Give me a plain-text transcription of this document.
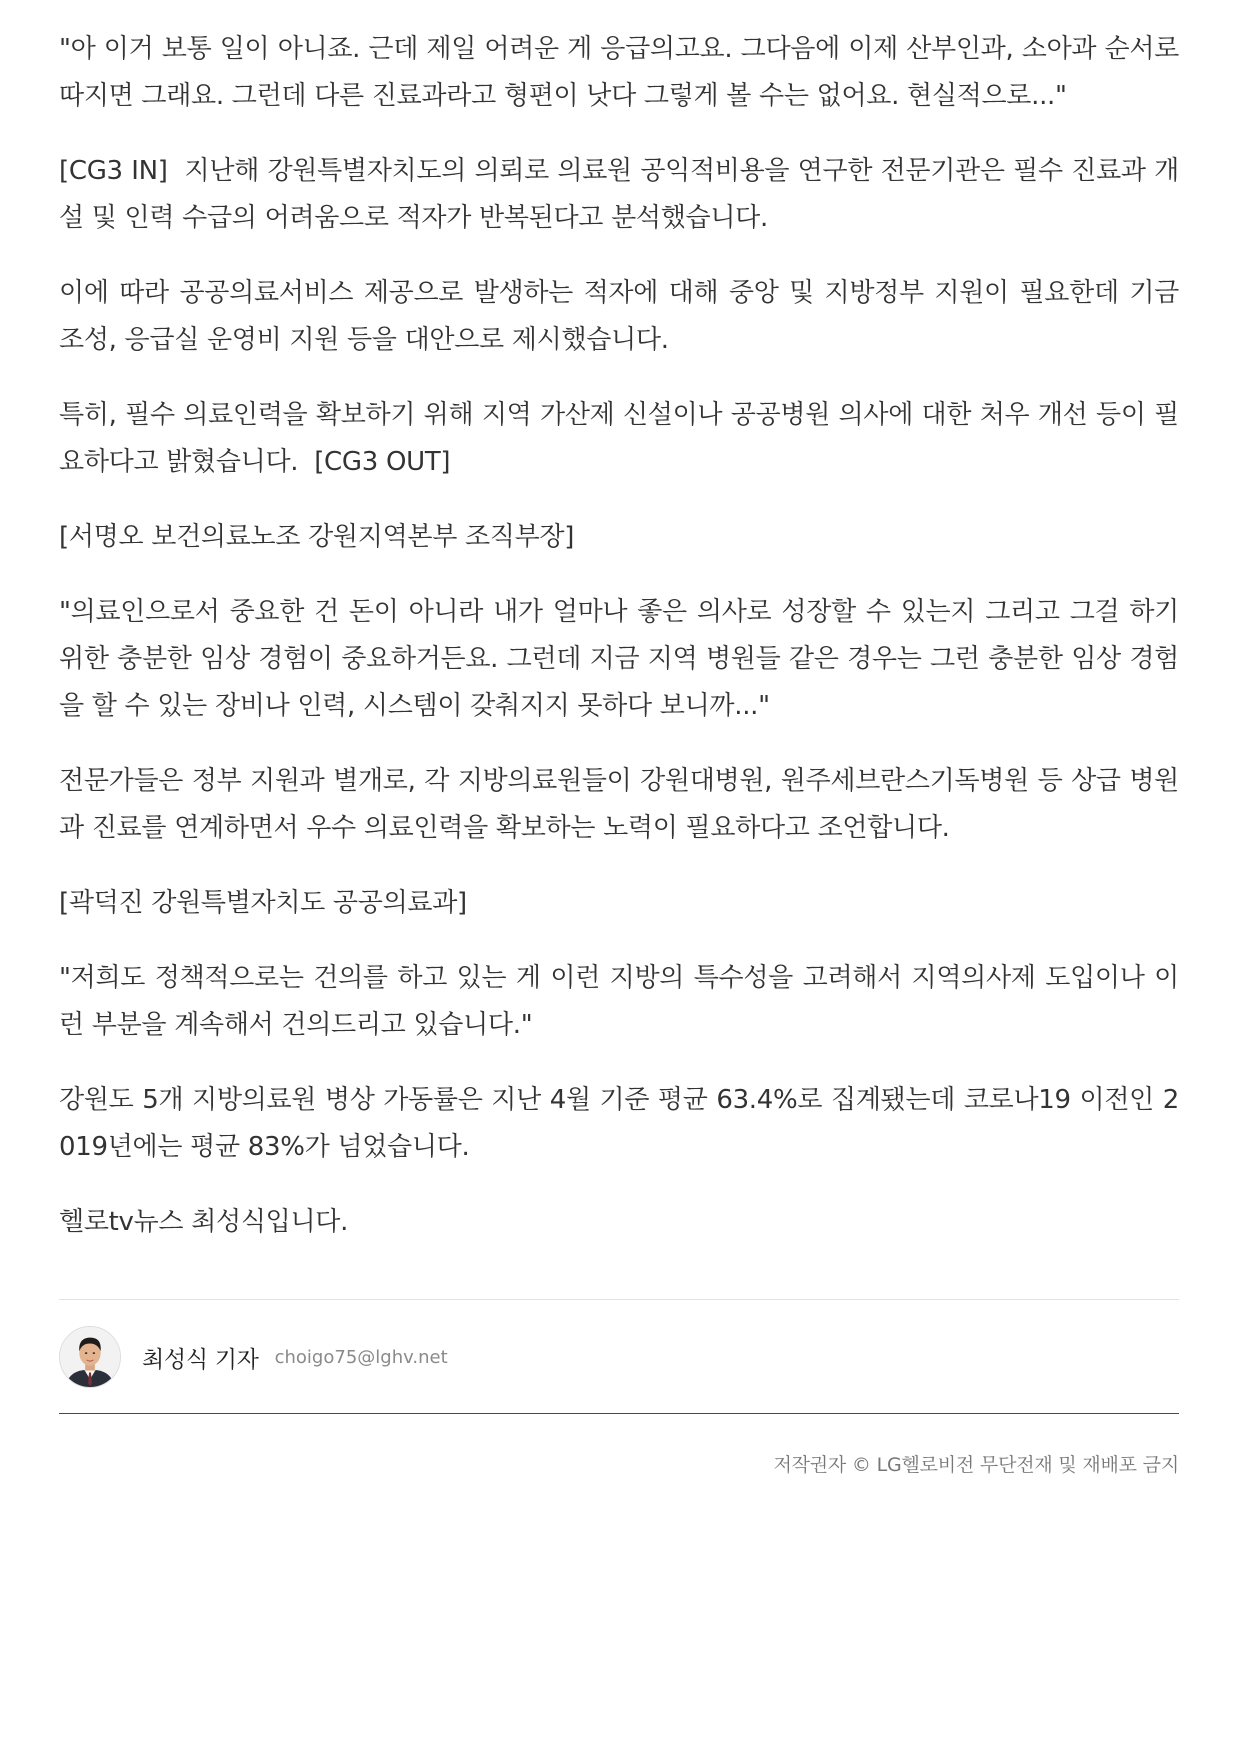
"아 이거 보통 일이 아니죠. 근데 제일 어려운 게 응급의고요. 그다음에 이제 산부인과, 소아과 순서로 따지면 그래요. 그런데 다른 진료과라고 형편이 낫다 그렇게 볼 수는 없어요. 현실적으로..."

[CG3 IN]  지난해 강원특별자치도의 의뢰로 의료원 공익적비용을 연구한 전문기관은 필수 진료과 개설 및 인력 수급의 어려움으로 적자가 반복된다고 분석했습니다.

이에 따라 공공의료서비스 제공으로 발생하는 적자에 대해 중앙 및 지방정부 지원이 필요한데 기금 조성, 응급실 운영비 지원 등을 대안으로 제시했습니다.

특히, 필수 의료인력을 확보하기 위해 지역 가산제 신설이나 공공병원 의사에 대한 처우 개선 등이 필요하다고 밝혔습니다.  [CG3 OUT]

[서명오 보건의료노조 강원지역본부 조직부장]

"의료인으로서 중요한 건 돈이 아니라 내가 얼마나 좋은 의사로 성장할 수 있는지 그리고 그걸 하기 위한 충분한 임상 경험이 중요하거든요. 그런데 지금 지역 병원들 같은 경우는 그런 충분한 임상 경험을 할 수 있는 장비나 인력, 시스템이 갖춰지지 못하다 보니까..."

전문가들은 정부 지원과 별개로, 각 지방의료원들이 강원대병원, 원주세브란스기독병원 등 상급 병원과 진료를 연계하면서 우수 의료인력을 확보하는 노력이 필요하다고 조언합니다.

[곽덕진 강원특별자치도 공공의료과]

"저희도 정책적으로는 건의를 하고 있는 게 이런 지방의 특수성을 고려해서 지역의사제 도입이나 이런 부분을 계속해서 건의드리고 있습니다."

강원도 5개 지방의료원 병상 가동률은 지난 4월 기준 평균 63.4%로 집계됐는데 코로나19 이전인 2019년에는 평균 83%가 넘었습니다.

헬로tv뉴스 최성식입니다.

최성식 기자 choigo75@lghv.net
저작권자 © LG헬로비전 무단전재 및 재배포 금지
